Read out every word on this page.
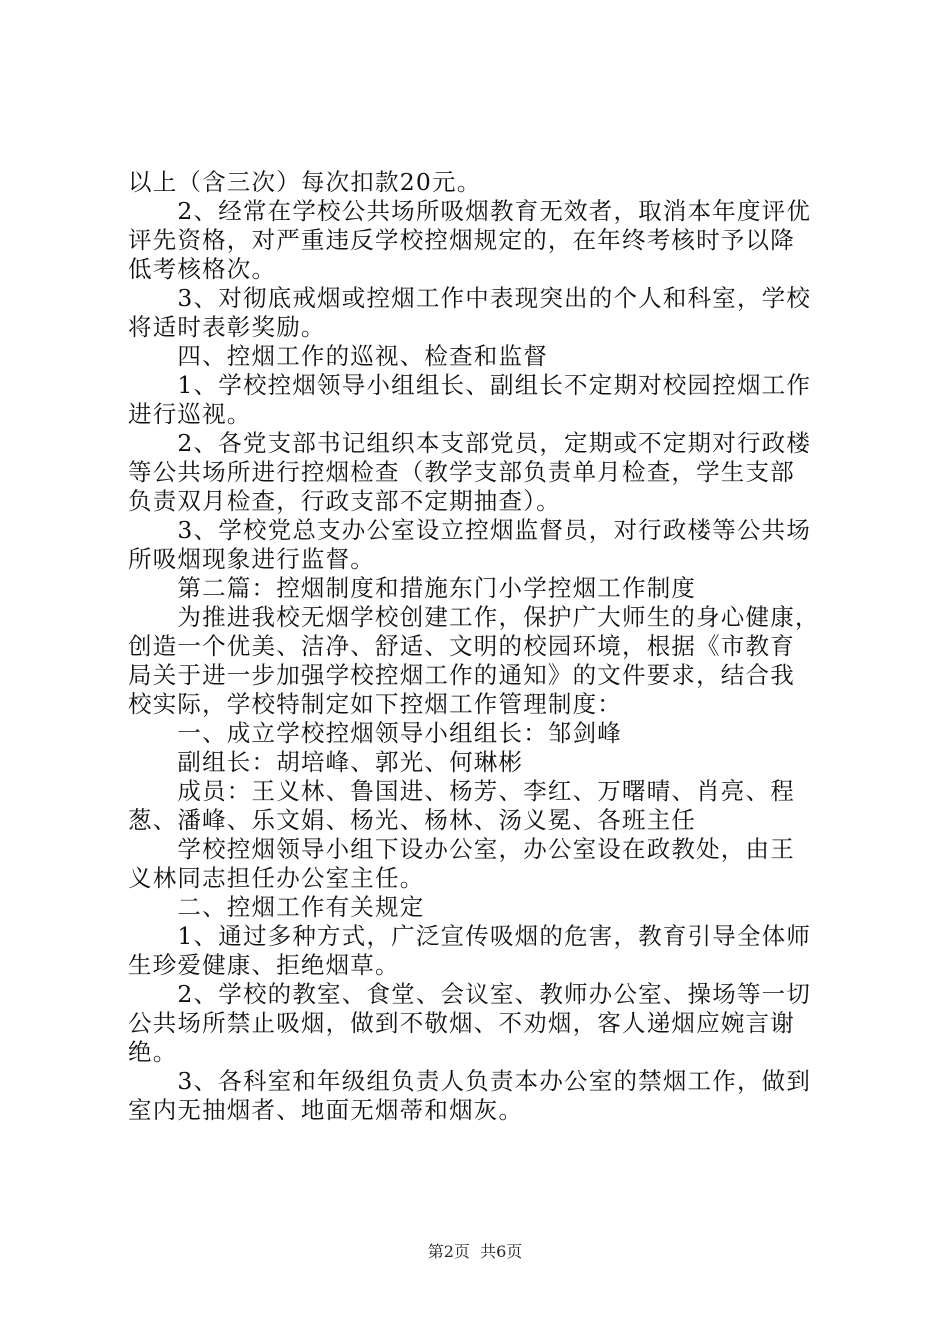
以上（含三次）每次扣款20元。
　　2、经常在学校公共场所吸烟教育无效者，取消本年度评优
评先资格，对严重违反学校控烟规定的，在年终考核时予以降
低考核格次。
　　3、对彻底戒烟或控烟工作中表现突出的个人和科室，学校
将适时表彰奖励。
　　四、控烟工作的巡视、检查和监督
　　1、学校控烟领导小组组长、副组长不定期对校园控烟工作
进行巡视。
　　2、各党支部书记组织本支部党员，定期或不定期对行政楼
等公共场所进行控烟检查（教学支部负责单月检查，学生支部
负责双月检查，行政支部不定期抽查）。
　　3、学校党总支办公室设立控烟监督员，对行政楼等公共场
所吸烟现象进行监督。
　　第二篇：控烟制度和措施东门小学控烟工作制度
　　为推进我校无烟学校创建工作，保护广大师生的身心健康，
创造一个优美、洁净、舒适、文明的校园环境，根据《市教育
局关于进一步加强学校控烟工作的通知》的文件要求，结合我
校实际，学校特制定如下控烟工作管理制度：
　　一、成立学校控烟领导小组组长：邹剑峰
　　副组长：胡培峰、郭光、何琳彬
　　成员：王义林、鲁国进、杨芳、李红、万曙晴、肖亮、程
葱、潘峰、乐文娟、杨光、杨林、汤义冕、各班主任
　　学校控烟领导小组下设办公室，办公室设在政教处，由王
义林同志担任办公室主任。
　　二、控烟工作有关规定
　　1、通过多种方式，广泛宣传吸烟的危害，教育引导全体师
生珍爱健康、拒绝烟草。
　　2、学校的教室、食堂、会议室、教师办公室、操场等一切
公共场所禁止吸烟，做到不敬烟、不劝烟，客人递烟应婉言谢
绝。
　　3、各科室和年级组负责人负责本办公室的禁烟工作，做到
室内无抽烟者、地面无烟蒂和烟灰。
第2页  共6页
